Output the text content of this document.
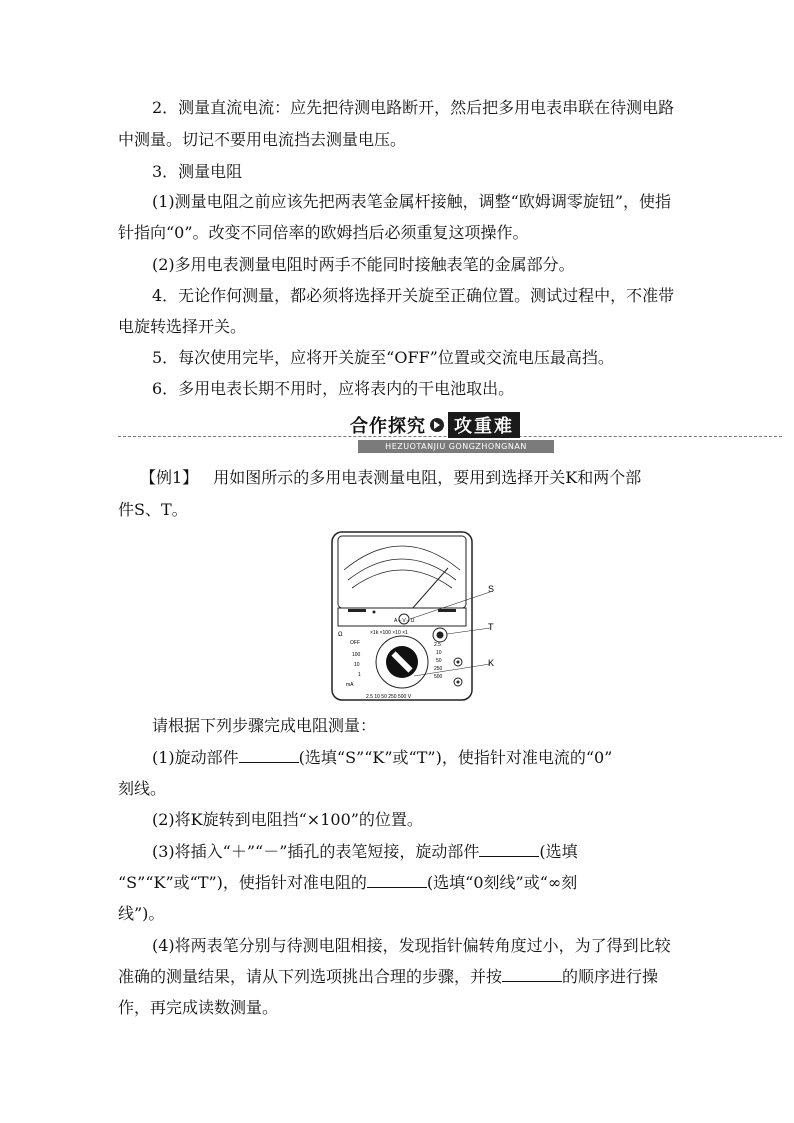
2．测量直流电流：应先把待测电路断开，然后把多用电表串联在待测电路
中测量。切记不要用电流挡去测量电压。
3．测量电阻
(1)测量电阻之前应该先把两表笔金属杆接触，调整“欧姆调零旋钮”，使指
针指向“0”。改变不同倍率的欧姆挡后必须重复这项操作。
(2)多用电表测量电阻时两手不能同时接触表笔的金属部分。
4．无论作何测量，都必须将选择开关旋至正确位置。测试过程中，不准带
电旋转选择开关。
5．每次使用完毕，应将开关旋至“OFF”位置或交流电压最高挡。
6．多用电表长期不用时，应将表内的干电池取出。
合作探究	攻重难
HEZUOTANJIU GONGZHONGNAN
【例1】 用如图所示的多用电表测量电阻，要用到选择开关K和两个部
件S、T。
A－V－Ω
×1k ×100 ×10 ×1
Ω
OFF
100
10
1
mA
2.5
10
50
250
500
2.5 10 50 250 500 V
S
T
K
请根据下列步骤完成电阻测量：
(1)旋动部件	(选填“S”“K”或“T”)，使指针对准电流的“0”
刻线。
(2)将K旋转到电阻挡“×100”的位置。
(3)将插入“＋”“－”插孔的表笔短接，旋动部件	(选填
“S”“K”或“T”)，使指针对准电阻的	(选填“0刻线”或“∞刻
线”)。
(4)将两表笔分别与待测电阻相接，发现指针偏转角度过小，为了得到比较
准确的测量结果，请从下列选项挑出合理的步骤，并按	的顺序进行操
作，再完成读数测量。
